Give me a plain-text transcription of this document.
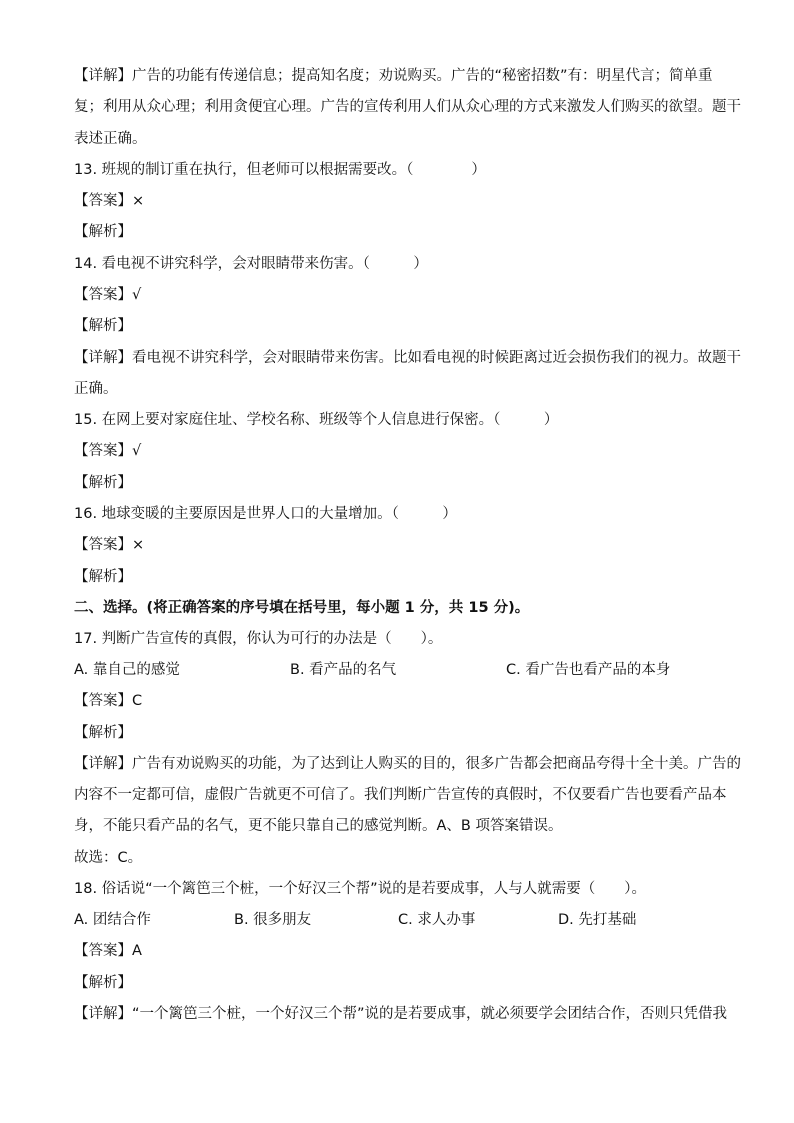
【详解】广告的功能有传递信息；提高知名度；劝说购买。广告的“秘密招数”有：明星代言；简单重
复；利用从众心理；利用贪便宜心理。广告的宣传利用人们从众心理的方式来激发人们购买的欲望。题干
表述正确。
13. 班规的制订重在执行，但老师可以根据需要改。（　　　　）
【答案】×
【解析】
14. 看电视不讲究科学，会对眼睛带来伤害。（　　　）
【答案】√
【解析】
【详解】看电视不讲究科学，会对眼睛带来伤害。比如看电视的时候距离过近会损伤我们的视力。故题干
正确。
15. 在网上要对家庭住址、学校名称、班级等个人信息进行保密。（　　　）
【答案】√
【解析】
16. 地球变暖的主要原因是世界人口的大量增加。（　　　）
【答案】×
【解析】
二、选择。(将正确答案的序号填在括号里，每小题 1 分，共 15 分)。
17. 判断广告宣传的真假，你认为可行的办法是（　　）。
A. 靠自己的感觉	B. 看产品的名气	C. 看广告也看产品的本身
【答案】C
【解析】
【详解】广告有劝说购买的功能，为了达到让人购买的目的，很多广告都会把商品夸得十全十美。广告的
内容不一定都可信，虚假广告就更不可信了。我们判断广告宣传的真假时，不仅要看广告也要看产品本
身，不能只看产品的名气，更不能只靠自己的感觉判断。A、B 项答案错误。
故选：C。
18. 俗话说“一个篱笆三个桩，一个好汉三个帮”说的是若要成事，人与人就需要（　　）。
A. 团结合作	B. 很多朋友	C. 求人办事	D. 先打基础
【答案】A
【解析】
【详解】“一个篱笆三个桩，一个好汉三个帮”说的是若要成事，就必须要学会团结合作，否则只凭借我
